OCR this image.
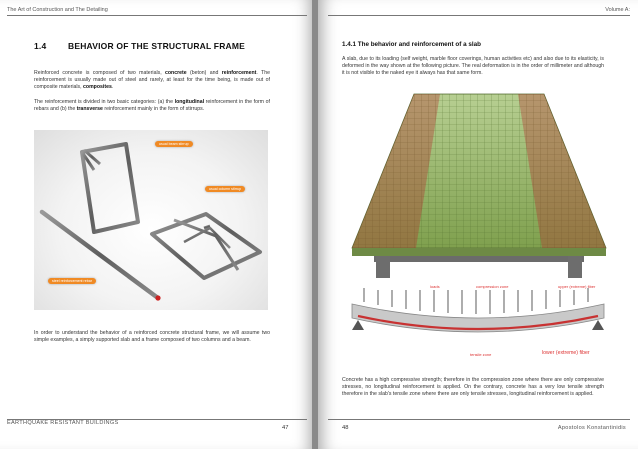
The Art of Construction and The Detailing
1.4	BEHAVIOR OF THE STRUCTURAL FRAME
Reinforced concrete is composed of two materials, concrete (beton) and reinforcement. The reinforcement is usually made out of steel and rarely, at least for the time being, is made out of composite materials, composites.
The reinforcement is divided in two basic categories: (a) the longitudinal reinforcement in the form of rebars and (b) the transverse reinforcement mainly in the form of stirrups.
usual beam stirrup
usual column stirrup
steel reinforcement rebar
In order to understand the behavior of a reinforced concrete structural frame, we will assume two simple examples, a simply supported slab and a frame composed of two columns and a beam.
EARTHQUAKE RESISTANT BUILDINGS
47
Volume A:
1.4.1 The behavior and reinforcement of a slab
A slab, due to its loading (self weight, marble floor coverings, human activities etc) and also due to its elasticity, is deformed in the way shown at the following picture. The real deformation is in the order of millimeter and although it is not visible to the naked eye it always has that same form.
loads	compression zone	upper (extreme) fiber
tensile zone	lower (extreme) fiber
Concrete has a high compressive strength; therefore in the compression zone where there are only compressive stresses, no longitudinal reinforcement is applied. On the contrary, concrete has a very low tensile strength therefore in the slab's tensile zone where there are only tensile stresses, longitudinal reinforcement is applied.
48	Apostolos Konstantinidis
